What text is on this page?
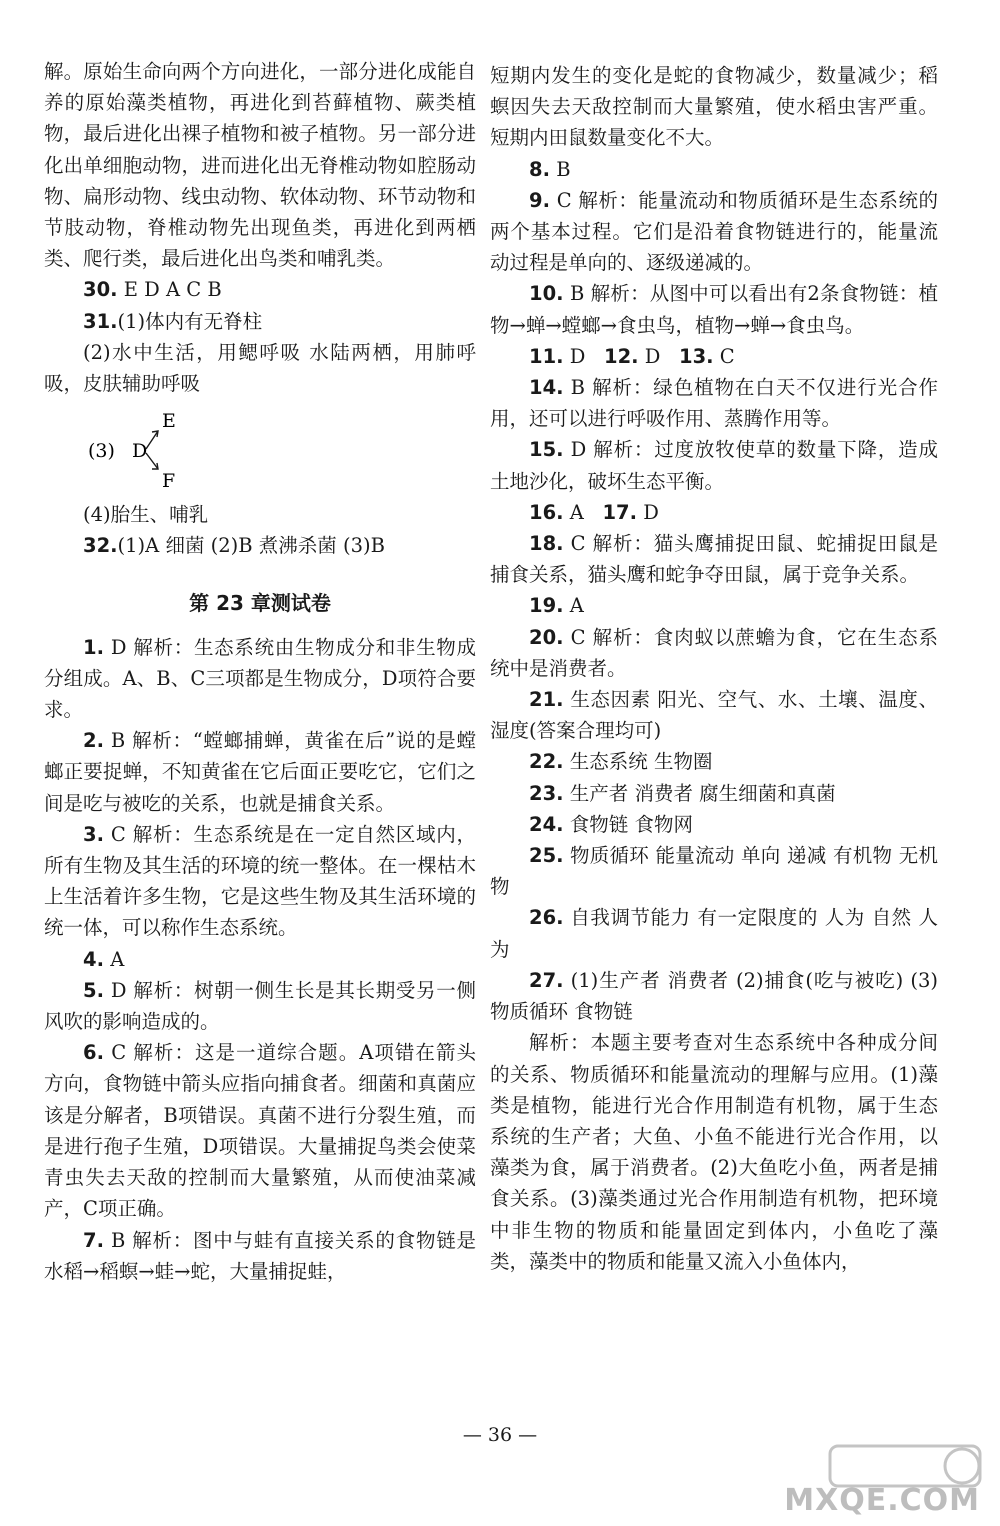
解。原始生命向两个方向进化，一部分进化成能自养的原始藻类植物，再进化到苔藓植物、蕨类植物，最后进化出裸子植物和被子植物。另一部分进化出单细胞动物，进而进化出无脊椎动物如腔肠动物、扁形动物、线虫动物、软体动物、环节动物和节肢动物，脊椎动物先出现鱼类，再进化到两栖类、爬行类，最后进化出鸟类和哺乳类。

30. E D A C B

31.(1)体内有无脊柱

(2)水中生活，用鳃呼吸 水陆两栖，用肺呼吸，皮肤辅助呼吸

(3) D
E
F

(4)胎生、哺乳

32.(1)A 细菌 (2)B 煮沸杀菌 (3)B

第 23 章测试卷

1. D 解析：生态系统由生物成分和非生物成分组成。A、B、C三项都是生物成分，D项符合要求。

2. B 解析：“螳螂捕蝉，黄雀在后”说的是螳螂正要捉蝉，不知黄雀在它后面正要吃它，它们之间是吃与被吃的关系，也就是捕食关系。

3. C 解析：生态系统是在一定自然区域内，所有生物及其生活的环境的统一整体。在一棵枯木上生活着许多生物，它是这些生物及其生活环境的统一体，可以称作生态系统。

4. A

5. D 解析：树朝一侧生长是其长期受另一侧风吹的影响造成的。

6. C 解析：这是一道综合题。A项错在箭头方向，食物链中箭头应指向捕食者。细菌和真菌应该是分解者，B项错误。真菌不进行分裂生殖，而是进行孢子生殖，D项错误。大量捕捉鸟类会使菜青虫失去天敌的控制而大量繁殖，从而使油菜减产，C项正确。

7. B 解析：图中与蛙有直接关系的食物链是水稻→稻螟→蛙→蛇，大量捕捉蛙，

短期内发生的变化是蛇的食物减少，数量减少；稻螟因失去天敌控制而大量繁殖，使水稻虫害严重。短期内田鼠数量变化不大。

8. B

9. C 解析：能量流动和物质循环是生态系统的两个基本过程。它们是沿着食物链进行的，能量流动过程是单向的、逐级递减的。

10. B 解析：从图中可以看出有2条食物链：植物→蝉→螳螂→食虫鸟，植物→蝉→食虫鸟。

11. D 12. D 13. C

14. B 解析：绿色植物在白天不仅进行光合作用，还可以进行呼吸作用、蒸腾作用等。

15. D 解析：过度放牧使草的数量下降，造成土地沙化，破坏生态平衡。

16. A 17. D

18. C 解析：猫头鹰捕捉田鼠、蛇捕捉田鼠是捕食关系，猫头鹰和蛇争夺田鼠，属于竞争关系。

19. A

20. C 解析：食肉蚁以蔗蟾为食，它在生态系统中是消费者。

21. 生态因素 阳光、空气、水、土壤、温度、湿度(答案合理均可)

22. 生态系统 生物圈

23. 生产者 消费者 腐生细菌和真菌

24. 食物链 食物网

25. 物质循环 能量流动 单向 递减 有机物 无机物

26. 自我调节能力 有一定限度的 人为 自然 人为

27. (1)生产者 消费者 (2)捕食(吃与被吃) (3)物质循环 食物链

解析：本题主要考查对生态系统中各种成分间的关系、物质循环和能量流动的理解与应用。(1)藻类是植物，能进行光合作用制造有机物，属于生态系统的生产者；大鱼、小鱼不能进行光合作用，以藻类为食，属于消费者。(2)大鱼吃小鱼，两者是捕食关系。(3)藻类通过光合作用制造有机物，把环境中非生物的物质和能量固定到体内，小鱼吃了藻类，藻类中的物质和能量又流入小鱼体内，

— 36 —
MXQE.COM
